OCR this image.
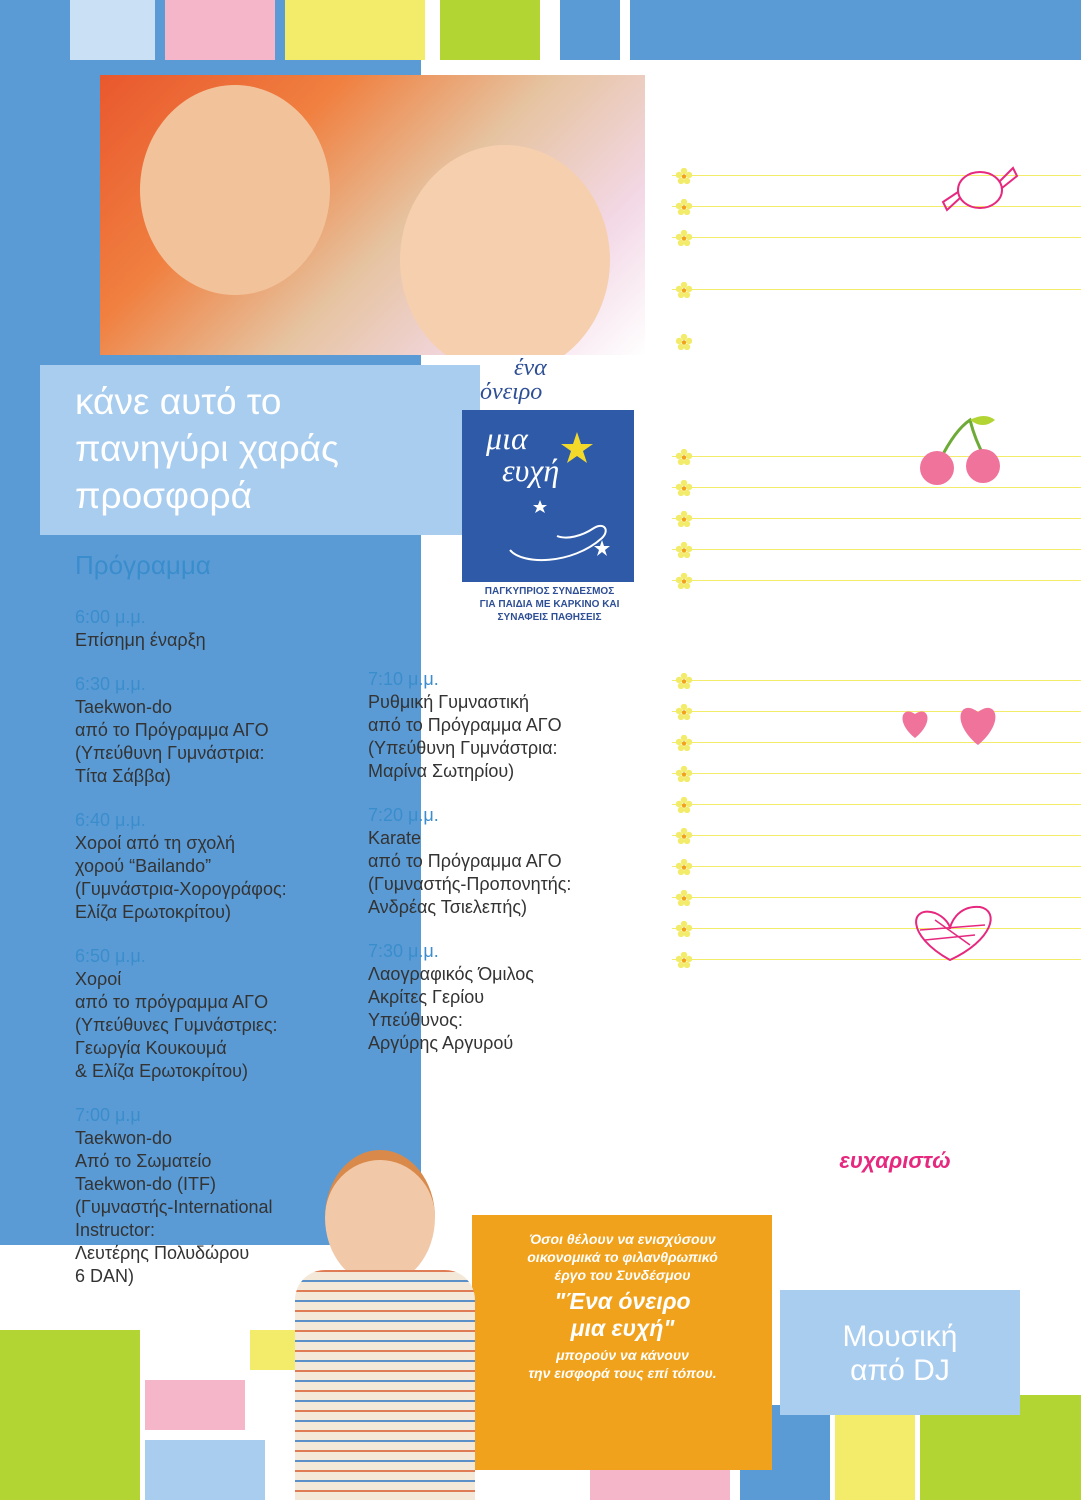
κάνε αυτό το
πανηγύρι χαράς
προσφορά
ένα
όνειρο
μια
ευχή
ΠΑΓΚΥΠΡΙΟΣ ΣΥΝΔΕΣΜΟΣ
ΓΙΑ ΠΑΙΔΙΑ ΜΕ ΚΑΡΚΙΝΟ ΚΑΙ
ΣΥΝΑΦΕΙΣ ΠΑΘΗΣΕΙΣ
Πρόγραμμα
6:00 μ.μ.
Επίσημη έναρξη
6:30 μ.μ.
Taekwon-do
από το Πρόγραμμα ΑΓΟ
(Υπεύθυνη Γυμνάστρια:
Τίτα Σάββα)
6:40 μ.μ.
Χοροί από τη σχολή
χορού “Bailando”
(Γυμνάστρια-Χορογράφος:
Ελίζα Ερωτοκρίτου)
6:50 μ.μ.
Χοροί
από το πρόγραμμα ΑΓΟ
(Υπεύθυνες Γυμνάστριες:
Γεωργία Κουκουμά
& Ελίζα Ερωτοκρίτου)
7:00 μ.μ
Taekwon-do
Από το Σωματείο
Taekwon-do (ITF)
(Γυμναστής-International
Instructor:
Λευτέρης Πολυδώρου
6 DAN)
7:10 μ.μ.
Ρυθμική Γυμναστική
από το Πρόγραμμα ΑΓΟ
(Υπεύθυνη Γυμνάστρια:
Μαρίνα Σωτηρίου)
7:20 μ.μ.
Karate
από το Πρόγραμμα ΑΓΟ
(Γυμναστής-Προπονητής:
Ανδρέας Τσιελεπής)
7:30 μ.μ.
Λαογραφικός Όμιλος
Ακρίτες Γερίου
Υπεύθυνος:
Αργύρης Αργυρού
Μετά την επίσημη έναρξη
του Πανηγυριού αρχίζουν
Κούρσα με μοτοσυκλέτες
Royal Star
Χάντμπολ σιουτ
Face Painting
Τραμπολίνο, κρίκοι,
και άλλα παιχνίδια
Ζωγραφική - Κατασκευές
από stress ball
Στις 6:00 μ.μ. αρχίζει
η πώληση φαγητού
Σουβλάκια
Σιεφταλιές
Πίτσα
Πίττα με μέλι
Σιάμισιη
Καθ’ όλη τη διάρκεια
του Πανηγυριού θα πωλούνται
Σπιτίσια κέικ και γλυκά
Λουλούδια - Φυτά
Μακαρόνια
Βιβλία
Είδη του Συνδέσμου
Διάφορες κατασκευές
Χυμοί
Αναψυκτικά
Μπύρες
Νερό και άλλα
Παρουσιαστής:
Πέτρος Γεωργίου
Ένα μεγάλο
ευχαριστώ
σε όλους όσοι βοήθησαν
στην πραγματοποίηση
της εκδήλωσης.
Μουσική
από DJ
Όσοι θέλουν να ενισχύσουν
οικονομικά το φιλανθρωπικό
έργο του Συνδέσμου
"Ένα όνειρο
μια ευχή"
μπορούν να κάνουν
την εισφορά τους επί τόπου.
